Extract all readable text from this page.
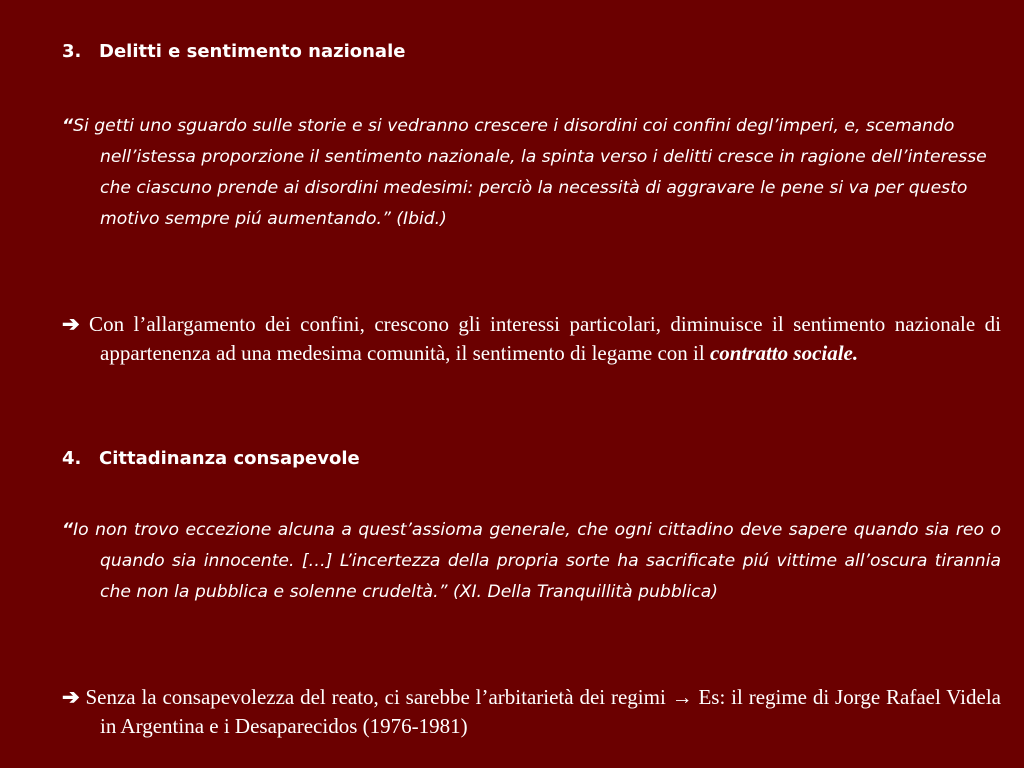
3. Delitti e sentimento nazionale
“Si getti uno sguardo sulle storie e si vedranno crescere i disordini coi confini degl’imperi, e, scemando nell’istessa proporzione il sentimento nazionale, la spinta verso i delitti cresce in ragione dell’interesse che ciascuno prende ai disordini medesimi: perciò la necessità di aggravare le pene si va per questo motivo sempre piú aumentando.” (Ibid.)
➔ Con l’allargamento dei confini, crescono gli interessi particolari, diminuisce il sentimento nazionale di appartenenza ad una medesima comunità, il sentimento di legame con il contratto sociale.
4. Cittadinanza consapevole
“Io non trovo eccezione alcuna a quest’assioma generale, che ogni cittadino deve sapere quando sia reo o quando sia innocente. […] L’incertezza della propria sorte ha sacrificate piú vittime all’oscura tirannia che non la pubblica e solenne crudeltà.” (XI. Della Tranquillità pubblica)
➔ Senza la consapevolezza del reato, ci sarebbe l’arbitarietà dei regimi → Es: il regime di Jorge Rafael Videla in Argentina e i Desaparecidos (1976-1981)
